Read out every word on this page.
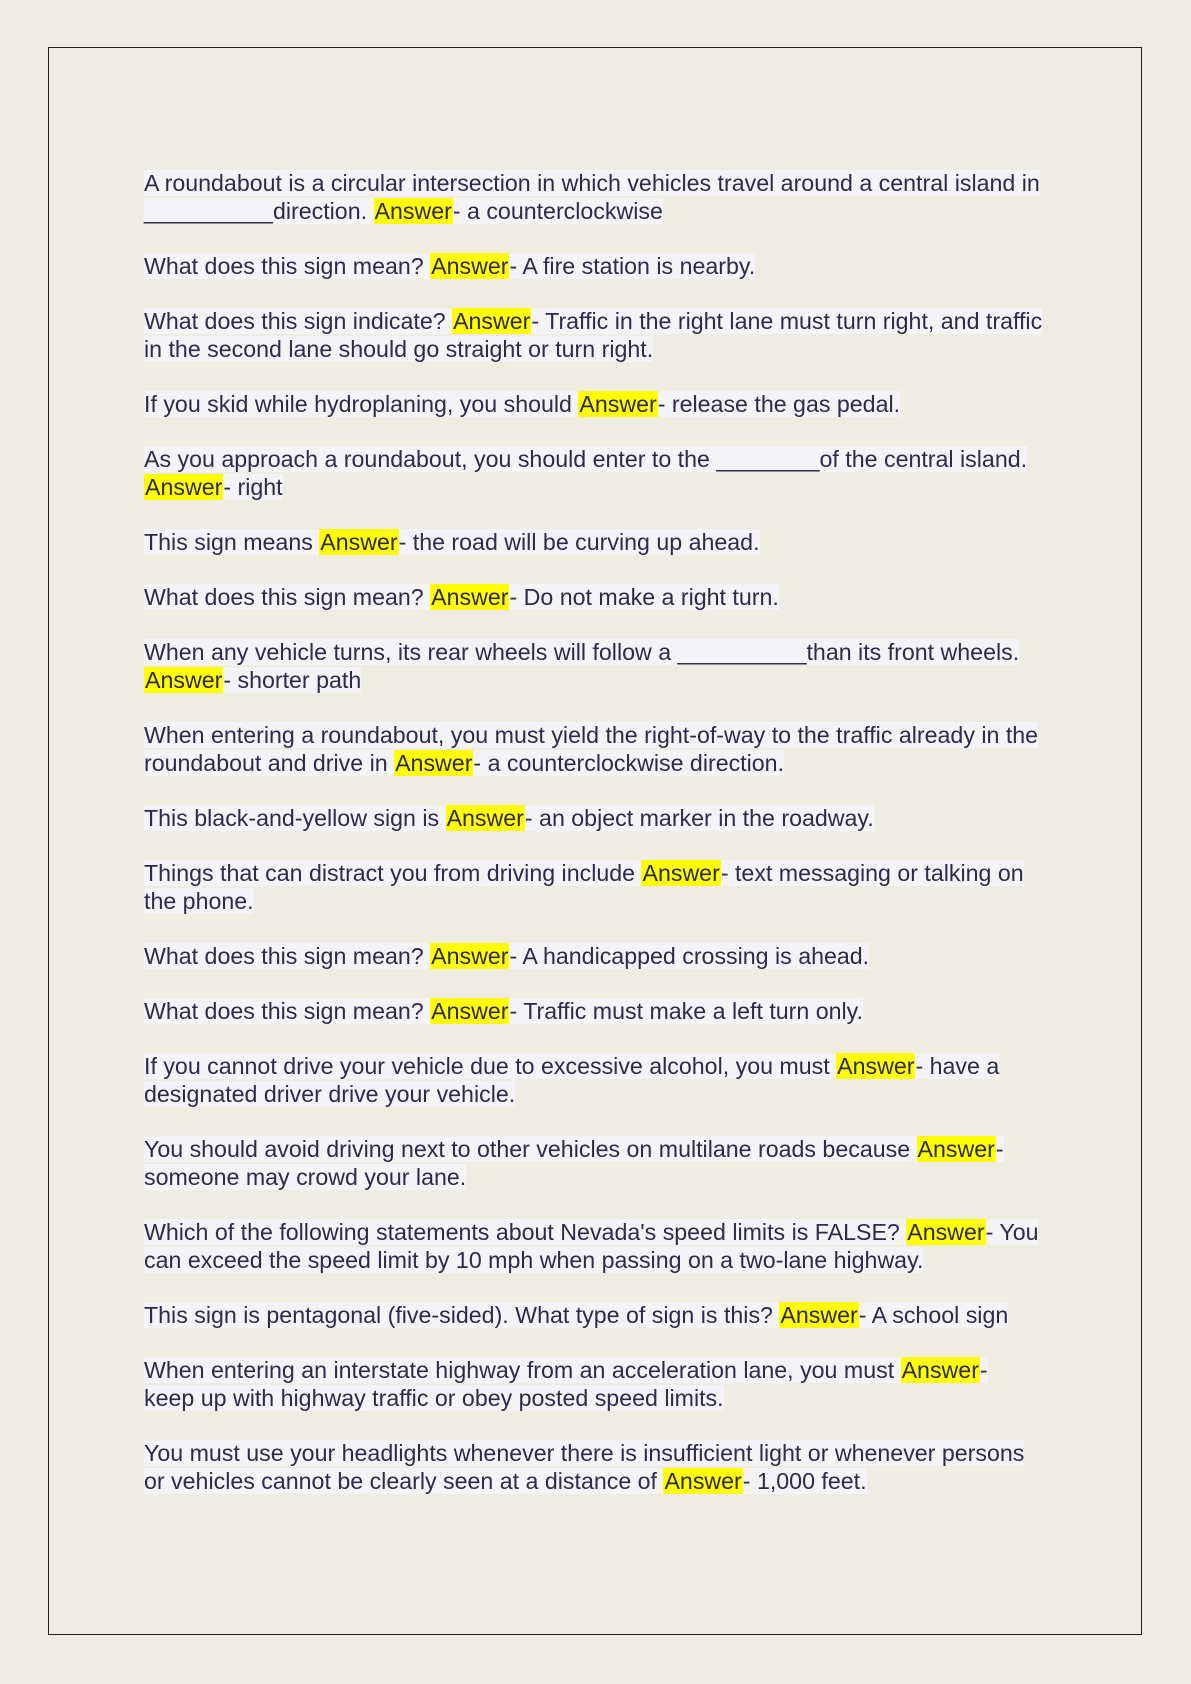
A roundabout is a circular intersection in which vehicles travel around a central island in __________direction. Answer- a counterclockwise

What does this sign mean? Answer- A fire station is nearby.

What does this sign indicate? Answer- Traffic in the right lane must turn right, and traffic in the second lane should go straight or turn right.

If you skid while hydroplaning, you should Answer- release the gas pedal.

As you approach a roundabout, you should enter to the ________of the central island. Answer- right

This sign means Answer- the road will be curving up ahead.

What does this sign mean? Answer- Do not make a right turn.

When any vehicle turns, its rear wheels will follow a __________than its front wheels. Answer- shorter path

When entering a roundabout, you must yield the right-of-way to the traffic already in the roundabout and drive in Answer- a counterclockwise direction.

This black-and-yellow sign is Answer- an object marker in the roadway.

Things that can distract you from driving include Answer- text messaging or talking on the phone.

What does this sign mean? Answer- A handicapped crossing is ahead.

What does this sign mean? Answer- Traffic must make a left turn only.

If you cannot drive your vehicle due to excessive alcohol, you must Answer- have a designated driver drive your vehicle.

You should avoid driving next to other vehicles on multilane roads because Answer- someone may crowd your lane.

Which of the following statements about Nevada's speed limits is FALSE? Answer- You can exceed the speed limit by 10 mph when passing on a two-lane highway.

This sign is pentagonal (five-sided). What type of sign is this? Answer- A school sign

When entering an interstate highway from an acceleration lane, you must Answer- keep up with highway traffic or obey posted speed limits.

You must use your headlights whenever there is insufficient light or whenever persons or vehicles cannot be clearly seen at a distance of Answer- 1,000 feet.
